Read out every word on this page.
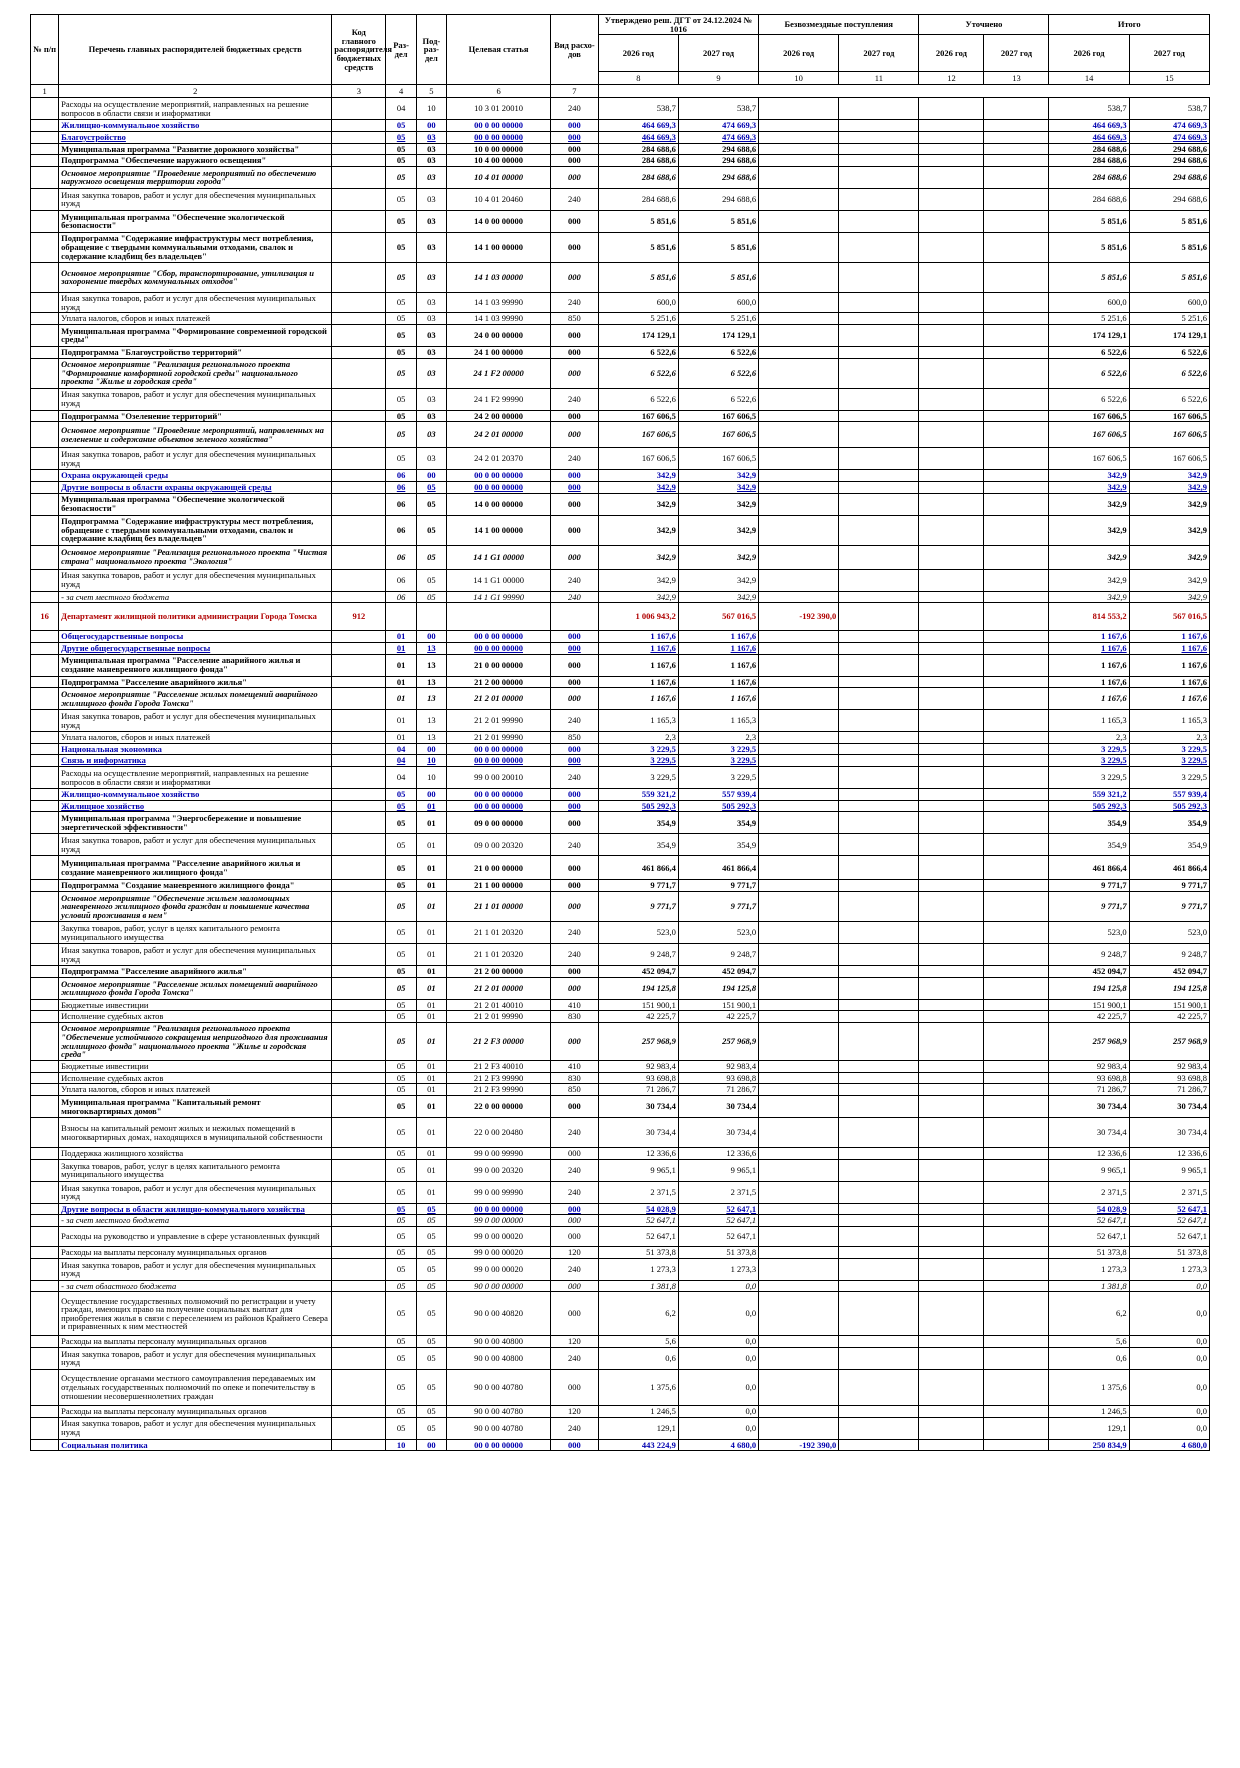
№ п/п	Перечень главных распорядителей бюджетных средств	Код главного распорядителя бюджетных средств	Раз-дел	Под-раз-дел	Целевая статья	Вид расхо-дов	Утверждено реш. ДГТ от 24.12.2024 № 1016		Безвозмездные поступления		Уточнено		Итого	
							2026 год	2027 год	2026 год	2027 год	2026 год	2027 год	2026 год	2027 год
							8	9	10	11	12	13	14	15
1	2	3	4	5	6	7								
	Расходы на осуществление мероприятий, направленных на решение вопросов в области связи и информатики		04	10	10 3 01 20010	240	538,7	538,7					538,7	538,7
	Жилищно-коммунальное хозяйство		05	00	00 0 00 00000	000	464 669,3	474 669,3					464 669,3	474 669,3
	Благоустройство		05	03	00 0 00 00000	000	464 669,3	474 669,3					464 669,3	474 669,3
	Муниципальная программа "Развитие дорожного хозяйства"		05	03	10 0 00 00000	000	284 688,6	294 688,6					284 688,6	294 688,6
	Подпрограмма "Обеспечение наружного освещения"		05	03	10 4 00 00000	000	284 688,6	294 688,6					284 688,6	294 688,6
	Основное мероприятие "Проведение мероприятий по обеспечению наружного освещения территории города"		05	03	10 4 01 00000	000	284 688,6	294 688,6					284 688,6	294 688,6
	Иная закупка товаров, работ и услуг для обеспечения муниципальных нужд		05	03	10 4 01 20460	240	284 688,6	294 688,6					284 688,6	294 688,6
	Муниципальная программа "Обеспечение экологической безопасности"		05	03	14 0 00 00000	000	5 851,6	5 851,6					5 851,6	5 851,6
	Подпрограмма "Содержание инфраструктуры мест потребления, обращение с твердыми коммунальными отходами, свалок и содержание кладбищ без владельцев"		05	03	14 1 00 00000	000	5 851,6	5 851,6					5 851,6	5 851,6
	Основное мероприятие "Сбор, транспортирование, утилизация и захоронение твердых коммунальных отходов"		05	03	14 1 03 00000	000	5 851,6	5 851,6					5 851,6	5 851,6
	Иная закупка товаров, работ и услуг для обеспечения муниципальных нужд		05	03	14 1 03 99990	240	600,0	600,0					600,0	600,0
	Уплата налогов, сборов и иных платежей		05	03	14 1 03 99990	850	5 251,6	5 251,6					5 251,6	5 251,6
	Муниципальная программа "Формирование современной городской среды"		05	03	24 0 00 00000	000	174 129,1	174 129,1					174 129,1	174 129,1
	Подпрограмма "Благоустройство территорий"		05	03	24 1 00 00000	000	6 522,6	6 522,6					6 522,6	6 522,6
	Основное мероприятие "Реализация регионального проекта "Формирование комфортной городской среды" национального проекта "Жилье и городская среда"		05	03	24 1 F2 00000	000	6 522,6	6 522,6					6 522,6	6 522,6
	Иная закупка товаров, работ и услуг для обеспечения муниципальных нужд		05	03	24 1 F2 99990	240	6 522,6	6 522,6					6 522,6	6 522,6
	Подпрограмма "Озеленение территорий"		05	03	24 2 00 00000	000	167 606,5	167 606,5					167 606,5	167 606,5
	Основное мероприятие "Проведение мероприятий, направленных на озеленение и содержание объектов зеленого хозяйства"		05	03	24 2 01 00000	000	167 606,5	167 606,5					167 606,5	167 606,5
	Иная закупка товаров, работ и услуг для обеспечения муниципальных нужд		05	03	24 2 01 20370	240	167 606,5	167 606,5					167 606,5	167 606,5
	Охрана окружающей среды		06	00	00 0 00 00000	000	342,9	342,9					342,9	342,9
	Другие вопросы в области охраны окружающей среды		06	05	00 0 00 00000	000	342,9	342,9					342,9	342,9
	Муниципальная программа "Обеспечение экологической безопасности"		06	05	14 0 00 00000	000	342,9	342,9					342,9	342,9
	Подпрограмма "Содержание инфраструктуры мест потребления, обращение с твердыми коммунальными отходами, свалок и содержание кладбищ без владельцев"		06	05	14 1 00 00000	000	342,9	342,9					342,9	342,9
	Основное мероприятие "Реализация регионального проекта "Чистая страна" национального проекта "Экология"		06	05	14 1 G1 00000	000	342,9	342,9					342,9	342,9
	Иная закупка товаров, работ и услуг для обеспечения муниципальных нужд		06	05	14 1 G1 00000	240	342,9	342,9					342,9	342,9
	- за счет местного бюджета		06	05	14 1 G1 99990	240	342,9	342,9					342,9	342,9
16	Департамент жилищной политики администрации Города Томска	912					1 006 943,2	567 016,5	-192 390,0				814 553,2	567 016,5
	Общегосударственные вопросы		01	00	00 0 00 00000	000	1 167,6	1 167,6					1 167,6	1 167,6
	Другие общегосударственные вопросы		01	13	00 0 00 00000	000	1 167,6	1 167,6					1 167,6	1 167,6
	Муниципальная программа "Расселение аварийного жилья и создание маневренного жилищного фонда"		01	13	21 0 00 00000	000	1 167,6	1 167,6					1 167,6	1 167,6
	Подпрограмма "Расселение аварийного жилья"		01	13	21 2 00 00000	000	1 167,6	1 167,6					1 167,6	1 167,6
	Основное мероприятие "Расселение жилых помещений аварийного жилищного фонда Города Томска"		01	13	21 2 01 00000	000	1 167,6	1 167,6					1 167,6	1 167,6
	Иная закупка товаров, работ и услуг для обеспечения муниципальных нужд		01	13	21 2 01 99990	240	1 165,3	1 165,3					1 165,3	1 165,3
	Уплата налогов, сборов и иных платежей		01	13	21 2 01 99990	850	2,3	2,3					2,3	2,3
	Национальная экономика		04	00	00 0 00 00000	000	3 229,5	3 229,5					3 229,5	3 229,5
	Связь и информатика		04	10	00 0 00 00000	000	3 229,5	3 229,5					3 229,5	3 229,5
	Расходы на осуществление мероприятий, направленных на решение вопросов в области связи и информатики		04	10	99 0 00 20010	240	3 229,5	3 229,5					3 229,5	3 229,5
	Жилищно-коммунальное хозяйство		05	00	00 0 00 00000	000	559 321,2	557 939,4					559 321,2	557 939,4
	Жилищное хозяйство		05	01	00 0 00 00000	000	505 292,3	505 292,3					505 292,3	505 292,3
	Муниципальная программа "Энергосбережение и повышение энергетической эффективности"		05	01	09 0 00 00000	000	354,9	354,9					354,9	354,9
	Иная закупка товаров, работ и услуг для обеспечения муниципальных нужд		05	01	09 0 00 20320	240	354,9	354,9					354,9	354,9
	Муниципальная программа "Расселение аварийного жилья и создание маневренного жилищного фонда"		05	01	21 0 00 00000	000	461 866,4	461 866,4					461 866,4	461 866,4
	Подпрограмма "Создание маневренного жилищного фонда"		05	01	21 1 00 00000	000	9 771,7	9 771,7					9 771,7	9 771,7
	Основное мероприятие "Обеспечение жильем маломощных маневренного жилищного фонда граждан и повышение качества условий проживания в нем"		05	01	21 1 01 00000	000	9 771,7	9 771,7					9 771,7	9 771,7
	Закупка товаров, работ, услуг в целях капитального ремонта муниципального имущества		05	01	21 1 01 20320	240	523,0	523,0					523,0	523,0
	Иная закупка товаров, работ и услуг для обеспечения муниципальных нужд		05	01	21 1 01 20320	240	9 248,7	9 248,7					9 248,7	9 248,7
	Подпрограмма "Расселение аварийного жилья"		05	01	21 2 00 00000	000	452 094,7	452 094,7					452 094,7	452 094,7
	Основное мероприятие "Расселение жилых помещений аварийного жилищного фонда Города Томска"		05	01	21 2 01 00000	000	194 125,8	194 125,8					194 125,8	194 125,8
	Бюджетные инвестиции		05	01	21 2 01 40010	410	151 900,1	151 900,1					151 900,1	151 900,1
	Исполнение судебных актов		05	01	21 2 01 99990	830	42 225,7	42 225,7					42 225,7	42 225,7
	Основное мероприятие "Реализация регионального проекта "Обеспечение устойчивого сокращения непригодного для проживания жилищного фонда" национального проекта "Жилье и городская среда"		05	01	21 2 F3 00000	000	257 968,9	257 968,9					257 968,9	257 968,9
	Бюджетные инвестиции		05	01	21 2 F3 40010	410	92 983,4	92 983,4					92 983,4	92 983,4
	Исполнение судебных актов		05	01	21 2 F3 99990	830	93 698,8	93 698,8					93 698,8	93 698,8
	Уплата налогов, сборов и иных платежей		05	01	21 2 F3 99990	850	71 286,7	71 286,7					71 286,7	71 286,7
	Муниципальная программа "Капитальный ремонт многоквартирных домов"		05	01	22 0 00 00000	000	30 734,4	30 734,4					30 734,4	30 734,4
	Взносы на капитальный ремонт жилых и нежилых помещений в многоквартирных домах, находящихся в муниципальной собственности		05	01	22 0 00 20480	240	30 734,4	30 734,4					30 734,4	30 734,4
	Поддержка жилищного хозяйства		05	01	99 0 00 99990	000	12 336,6	12 336,6					12 336,6	12 336,6
	Закупка товаров, работ, услуг в целях капитального ремонта муниципального имущества		05	01	99 0 00 20320	240	9 965,1	9 965,1					9 965,1	9 965,1
	Иная закупка товаров, работ и услуг для обеспечения муниципальных нужд		05	01	99 0 00 99990	240	2 371,5	2 371,5					2 371,5	2 371,5
	Другие вопросы в области жилищно-коммунального хозяйства		05	05	00 0 00 00000	000	54 028,9	52 647,1					54 028,9	52 647,1
	- за счет местного бюджета		05	05	99 0 00 00000	000	52 647,1	52 647,1					52 647,1	52 647,1
	Расходы на руководство и управление в сфере установленных функций		05	05	99 0 00 00020	000	52 647,1	52 647,1					52 647,1	52 647,1
	Расходы на выплаты персоналу муниципальных органов		05	05	99 0 00 00020	120	51 373,8	51 373,8					51 373,8	51 373,8
	Иная закупка товаров, работ и услуг для обеспечения муниципальных нужд		05	05	99 0 00 00020	240	1 273,3	1 273,3					1 273,3	1 273,3
	- за счет областного бюджета		05	05	90 0 00 00000	000	1 381,8	0,0					1 381,8	0,0
	Осуществление государственных полномочий по регистрации и учету граждан, имеющих право на получение социальных выплат для приобретения жилья в связи с переселением из районов Крайнего Севера и приравненных к ним местностей		05	05	90 0 00 40820	000	6,2	0,0					6,2	0,0
	Расходы на выплаты персоналу муниципальных органов		05	05	90 0 00 40800	120	5,6	0,0					5,6	0,0
	Иная закупка товаров, работ и услуг для обеспечения муниципальных нужд		05	05	90 0 00 40800	240	0,6	0,0					0,6	0,0
	Осуществление органами местного самоуправления передаваемых им отдельных государственных полномочий по опеке и попечительству в отношении несовершеннолетних граждан		05	05	90 0 00 40780	000	1 375,6	0,0					1 375,6	0,0
	Расходы на выплаты персоналу муниципальных органов		05	05	90 0 00 40780	120	1 246,5	0,0					1 246,5	0,0
	Иная закупка товаров, работ и услуг для обеспечения муниципальных нужд		05	05	90 0 00 40780	240	129,1	0,0					129,1	0,0
	Социальная политика		10	00	00 0 00 00000	000	443 224,9	4 680,0	-192 390,0				250 834,9	4 680,0
